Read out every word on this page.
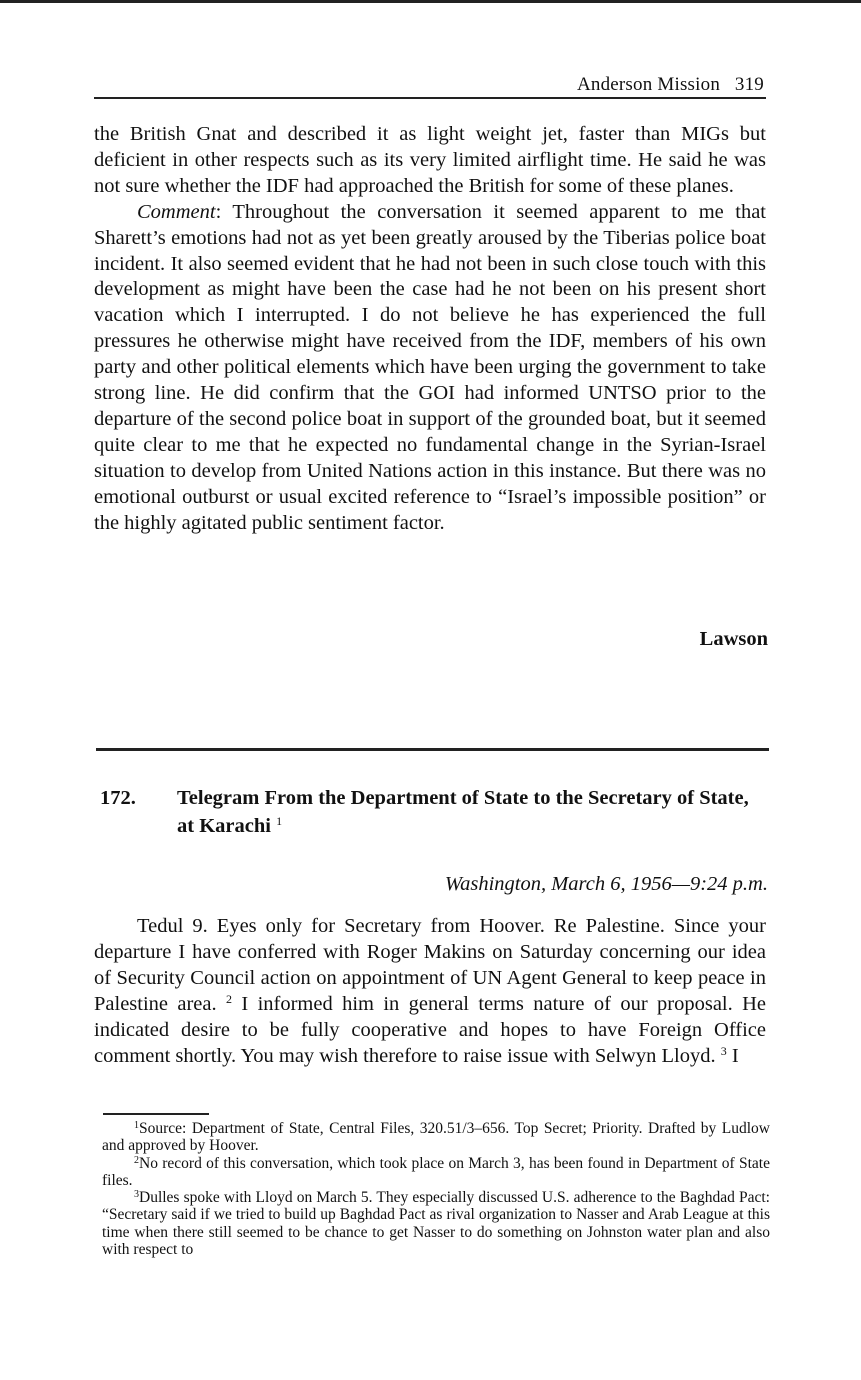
Anderson Mission 319

the British Gnat and described it as light weight jet, faster than MIGs but deficient in other respects such as its very limited airflight time. He said he was not sure whether the IDF had approached the British for some of these planes.

Comment: Throughout the conversation it seemed apparent to me that Sharett’s emotions had not as yet been greatly aroused by the Tiberias police boat incident. It also seemed evident that he had not been in such close touch with this development as might have been the case had he not been on his present short vacation which I interrupted. I do not believe he has experienced the full pressures he otherwise might have received from the IDF, members of his own party and other political elements which have been urging the government to take strong line. He did confirm that the GOI had informed UNTSO prior to the departure of the second police boat in support of the grounded boat, but it seemed quite clear to me that he expected no fundamental change in the Syrian-Israel situation to develop from United Nations action in this instance. But there was no emotional outburst or usual excited reference to “Israel’s impossible position” or the highly agitated public sentiment factor.

Lawson
172. Telegram From the Department of State to the Secretary of State, at Karachi $^1$
Washington, March 6, 1956—9:24 p.m.

Tedul 9. Eyes only for Secretary from Hoover. Re Palestine. Since your departure I have conferred with Roger Makins on Saturday concerning our idea of Security Council action on appointment of UN Agent General to keep peace in Palestine area. $^2$ I informed him in general terms nature of our proposal. He indicated desire to be fully cooperative and hopes to have Foreign Office comment shortly. You may wish therefore to raise issue with Selwyn Lloyd. $^3$ I

$^1$Source: Department of State, Central Files, 320.51/3–656. Top Secret; Priority. Drafted by Ludlow and approved by Hoover.

$^2$No record of this conversation, which took place on March 3, has been found in Department of State files.

$^3$Dulles spoke with Lloyd on March 5. They especially discussed U.S. adherence to the Baghdad Pact: “Secretary said if we tried to build up Baghdad Pact as rival organization to Nasser and Arab League at this time when there still seemed to be chance to get Nasser to do something on Johnston water plan and also with respect to
